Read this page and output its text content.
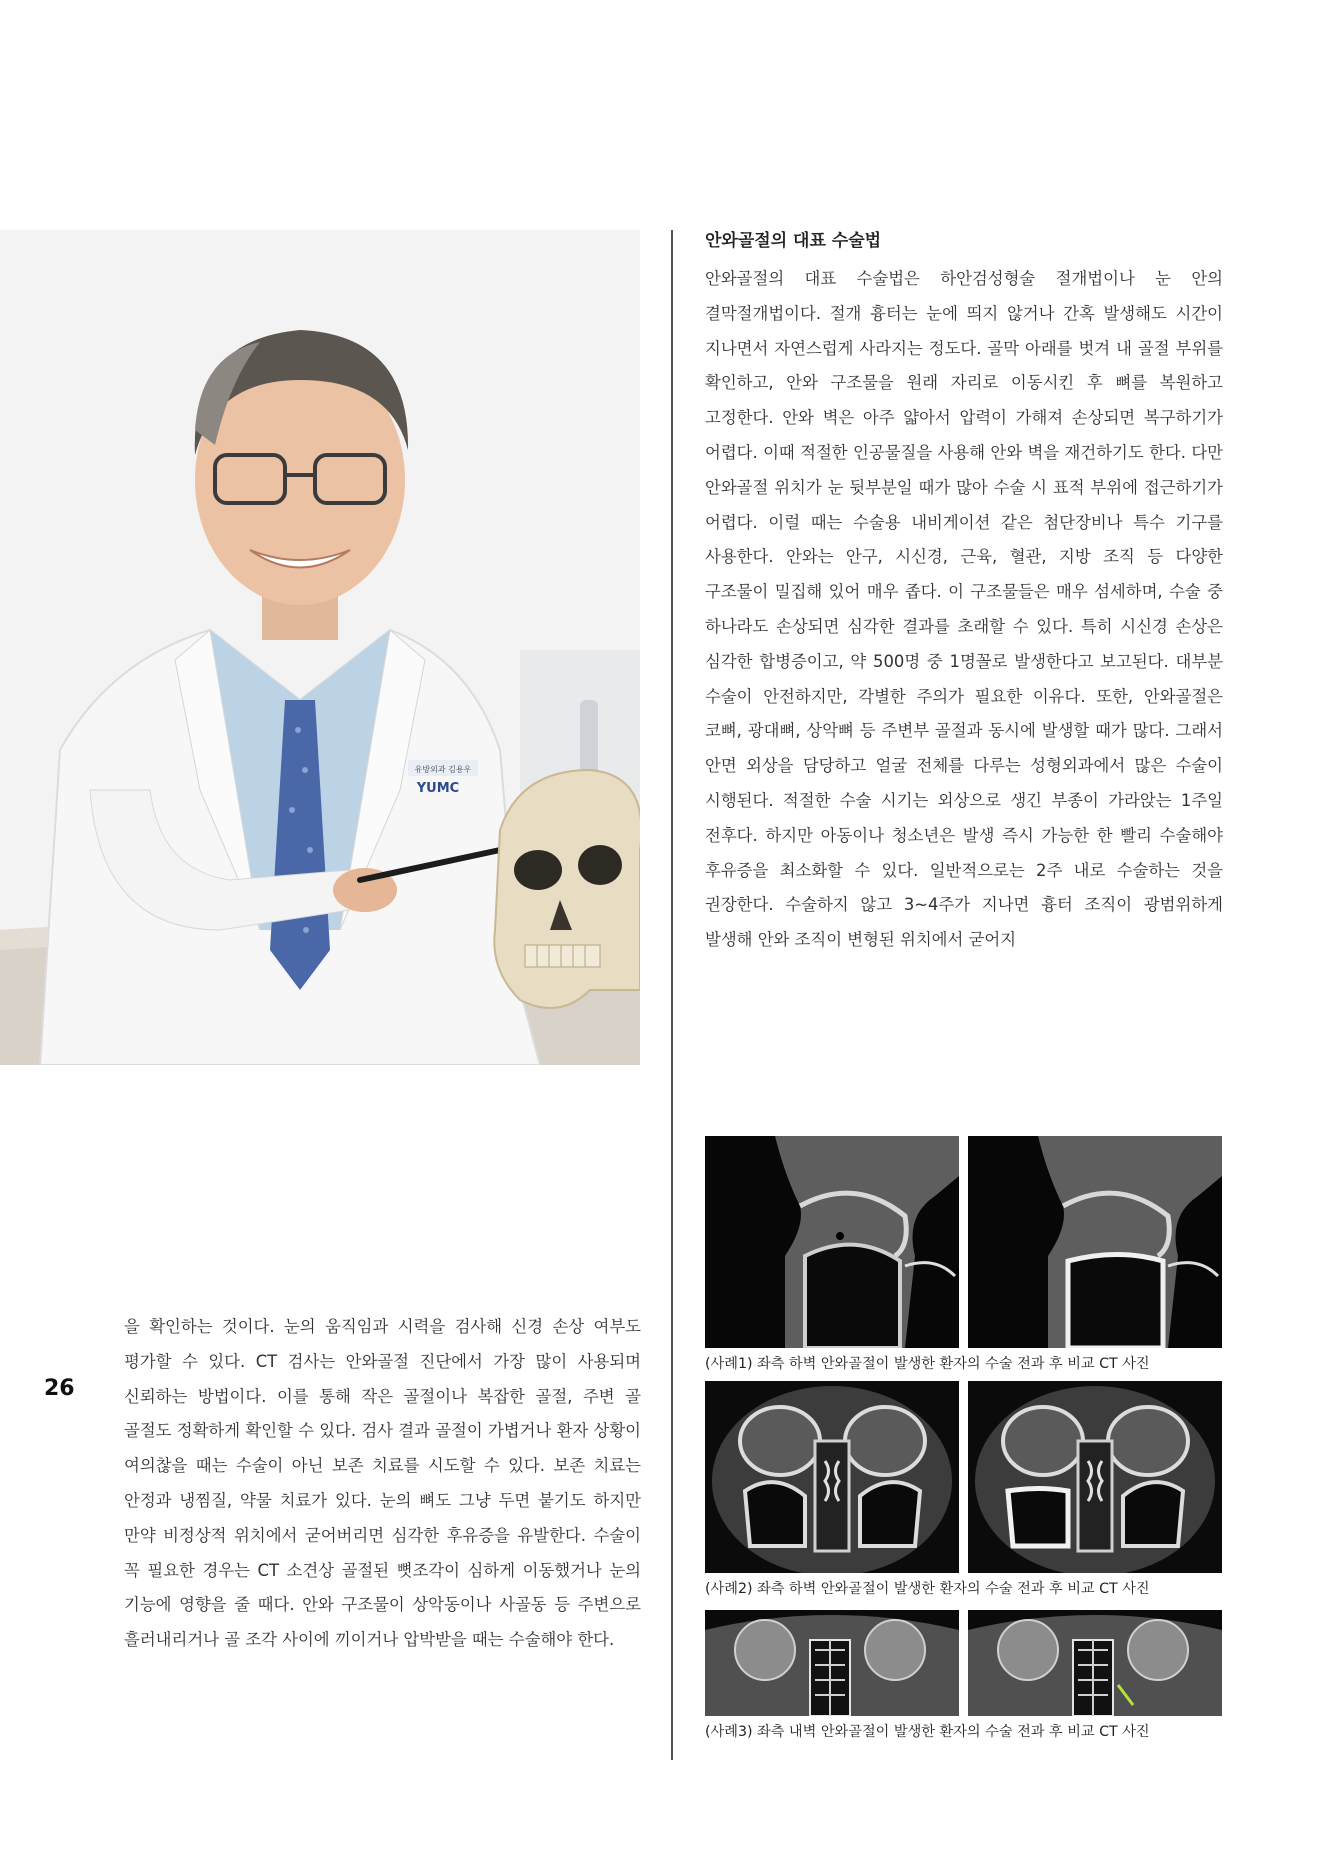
유방외과 김용우
YUMC
안와골절의 대표 수술법

안와골절의 대표 수술법은 하안검성형술 절개법이나 눈 안의 결막절개법이다. 절개 흉터는 눈에 띄지 않거나 간혹 발생해도 시간이 지나면서 자연스럽게 사라지는 정도다. 골막 아래를 벗겨 내 골절 부위를 확인하고, 안와 구조물을 원래 자리로 이동시킨 후 뼈를 복원하고 고정한다. 안와 벽은 아주 얇아서 압력이 가해져 손상되면 복구하기가 어렵다. 이때 적절한 인공물질을 사용해 안와 벽을 재건하기도 한다. 다만 안와골절 위치가 눈 뒷부분일 때가 많아 수술 시 표적 부위에 접근하기가 어렵다. 이럴 때는 수술용 내비게이션 같은 첨단장비나 특수 기구를 사용한다. 안와는 안구, 시신경, 근육, 혈관, 지방 조직 등 다양한 구조물이 밀집해 있어 매우 좁다. 이 구조물들은 매우 섬세하며, 수술 중 하나라도 손상되면 심각한 결과를 초래할 수 있다. 특히 시신경 손상은 심각한 합병증이고, 약 500명 중 1명꼴로 발생한다고 보고된다. 대부분 수술이 안전하지만, 각별한 주의가 필요한 이유다. 또한, 안와골절은 코뼈, 광대뼈, 상악뼈 등 주변부 골절과 동시에 발생할 때가 많다. 그래서 안면 외상을 담당하고 얼굴 전체를 다루는 성형외과에서 많은 수술이 시행된다. 적절한 수술 시기는 외상으로 생긴 부종이 가라앉는 1주일 전후다. 하지만 아동이나 청소년은 발생 즉시 가능한 한 빨리 수술해야 후유증을 최소화할 수 있다. 일반적으로는 2주 내로 수술하는 것을 권장한다. 수술하지 않고 3~4주가 지나면 흉터 조직이 광범위하게 발생해 안와 조직이 변형된 위치에서 굳어지

을 확인하는 것이다. 눈의 움직임과 시력을 검사해 신경 손상 여부도 평가할 수 있다. CT 검사는 안와골절 진단에서 가장 많이 사용되며 신뢰하는 방법이다. 이를 통해 작은 골절이나 복잡한 골절, 주변 골 골절도 정확하게 확인할 수 있다. 검사 결과 골절이 가볍거나 환자 상황이 여의찮을 때는 수술이 아닌 보존 치료를 시도할 수 있다. 보존 치료는 안정과 냉찜질, 약물 치료가 있다. 눈의 뼈도 그냥 두면 붙기도 하지만 만약 비정상적 위치에서 굳어버리면 심각한 후유증을 유발한다. 수술이 꼭 필요한 경우는 CT 소견상 골절된 뼛조각이 심하게 이동했거나 눈의 기능에 영향을 줄 때다. 안와 구조물이 상악동이나 사골동 등 주변으로 흘러내리거나 골 조각 사이에 끼이거나 압박받을 때는 수술해야 한다.

26

(사례1) 좌측 하벽 안와골절이 발생한 환자의 수술 전과 후 비교 CT 사진

(사례2) 좌측 하벽 안와골절이 발생한 환자의 수술 전과 후 비교 CT 사진

(사례3) 좌측 내벽 안와골절이 발생한 환자의 수술 전과 후 비교 CT 사진
